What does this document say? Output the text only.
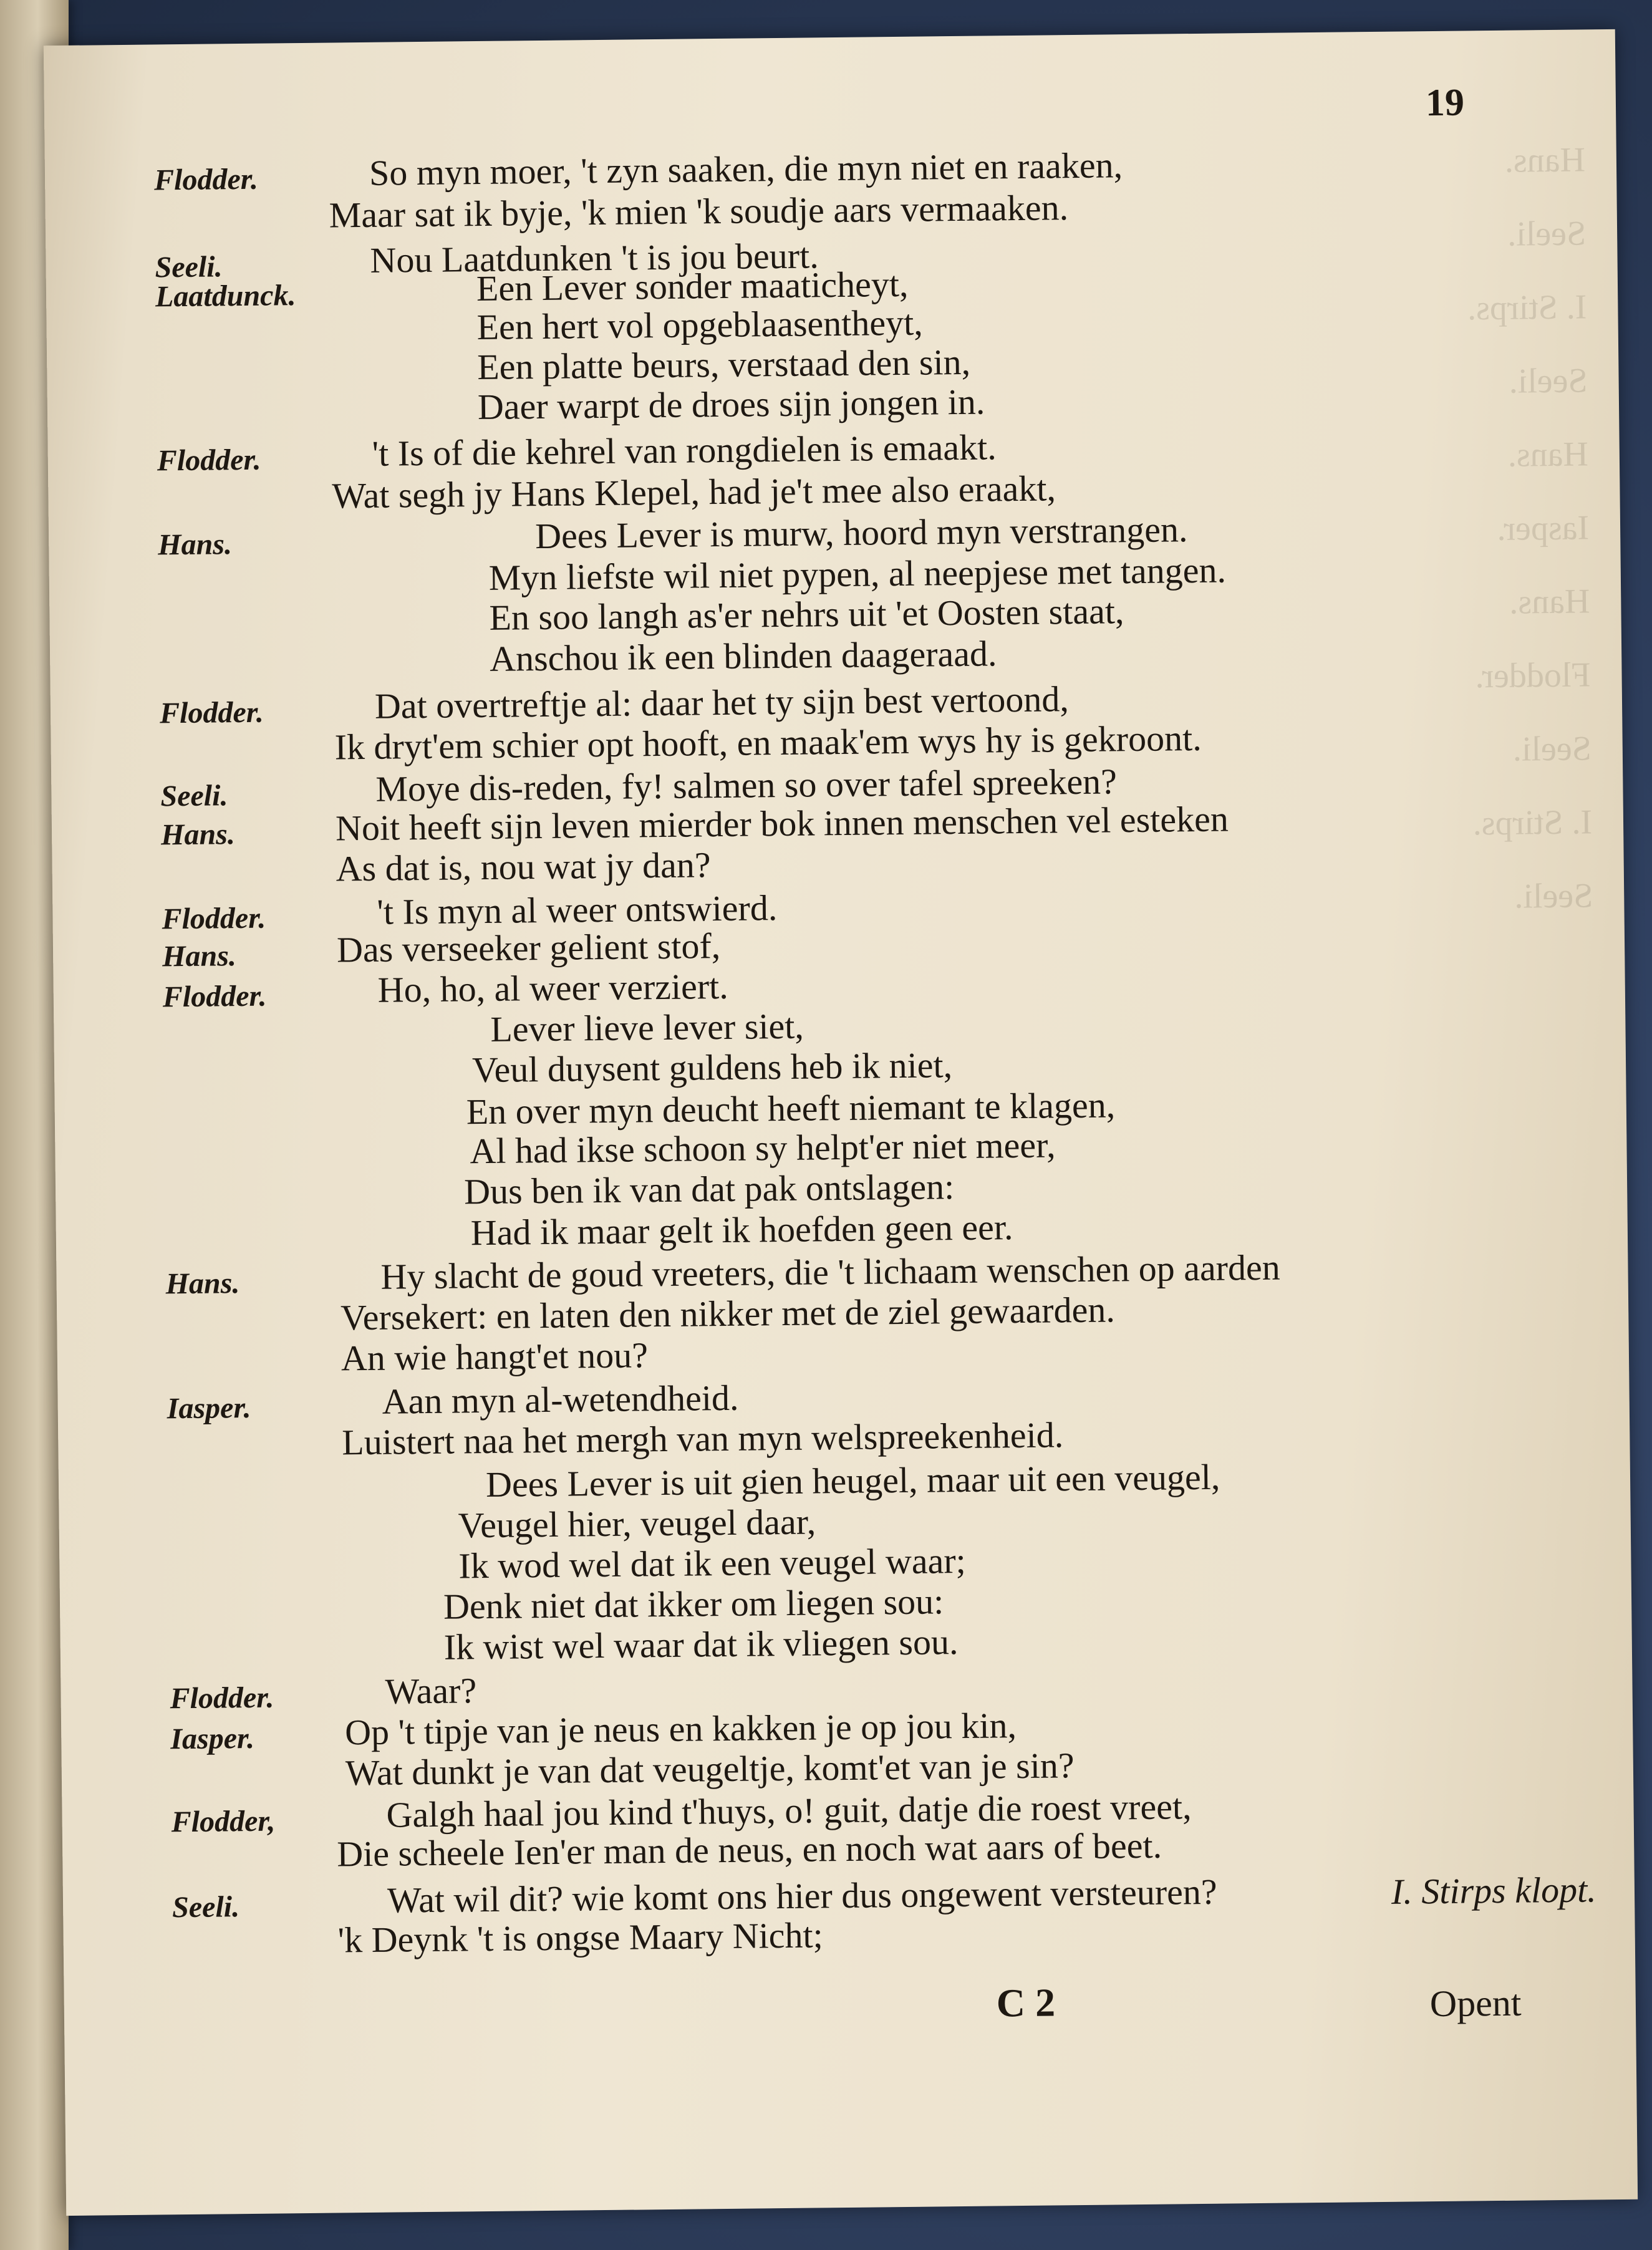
Hans.
Seeli.
I. Stirps.
Seeli.
Hans.
Iasper.
Hans.
Flodder.
Seeli.
I. Stirps.
Seeli.
19
Flodder.	So myn moer, 't zyn saaken, die myn niet en raaken,
Maar sat ik byje, 'k mien 'k soudje aars vermaaken.
Seeli.	Nou Laatdunken 't is jou beurt.
Laatdunck.	Een Lever sonder maaticheyt,
Een hert vol opgeblaasentheyt,
Een platte beurs, verstaad den sin,
Daer warpt de droes sijn jongen in.
Flodder.	't Is of die kehrel van rongdielen is emaakt.
Wat segh jy Hans Klepel, had je't mee also eraakt,
Hans.	Dees Lever is murw, hoord myn verstrangen.
Myn liefste wil niet pypen, al neepjese met tangen.
En soo langh as'er nehrs uit 'et Oosten staat,
Anschou ik een blinden daageraad.
Flodder.	Dat overtreftje al: daar het ty sijn best vertoond,
Ik dryt'em schier opt hooft, en maak'em wys hy is gekroont.
Seeli.	Moye dis-reden, fy! salmen so over tafel spreeken?
Hans.	Noit heeft sijn leven mierder bok innen menschen vel esteken
As dat is, nou wat jy dan?
Flodder.	't Is myn al weer ontswierd.
Hans.	Das verseeker gelient stof,
Flodder.	Ho, ho, al weer verziert.
Lever lieve lever siet,
Veul duysent guldens heb ik niet,
En over myn deucht heeft niemant te klagen,
Al had ikse schoon sy helpt'er niet meer,
Dus ben ik van dat pak ontslagen:
Had ik maar gelt ik hoefden geen eer.
Hans.	Hy slacht de goud vreeters, die 't lichaam wenschen op aarden
Versekert: en laten den nikker met de ziel gewaarden.
An wie hangt'et nou?
Iasper.	Aan myn al-wetendheid.
Luistert naa het mergh van myn welspreekenheid.
Dees Lever is uit gien heugel, maar uit een veugel,
Veugel hier, veugel daar,
Ik wod wel dat ik een veugel waar;
Denk niet dat ikker om liegen sou:
Ik wist wel waar dat ik vliegen sou.
Flodder.	Waar?
Iasper. Op 't tipje van je neus en kakken je op jou kin,
Wat dunkt je van dat veugeltje, komt'et van je sin?
Flodder,	Galgh haal jou kind t'huys, o! guit, datje die roest vreet,
Die scheele Ien'er man de neus, en noch wat aars of beet.
Seeli.	Wat wil dit? wie komt ons hier dus ongewent versteuren?
'k Deynk 't is ongse Maary Nicht;
I. Stirps klopt.
C 2	Opent
